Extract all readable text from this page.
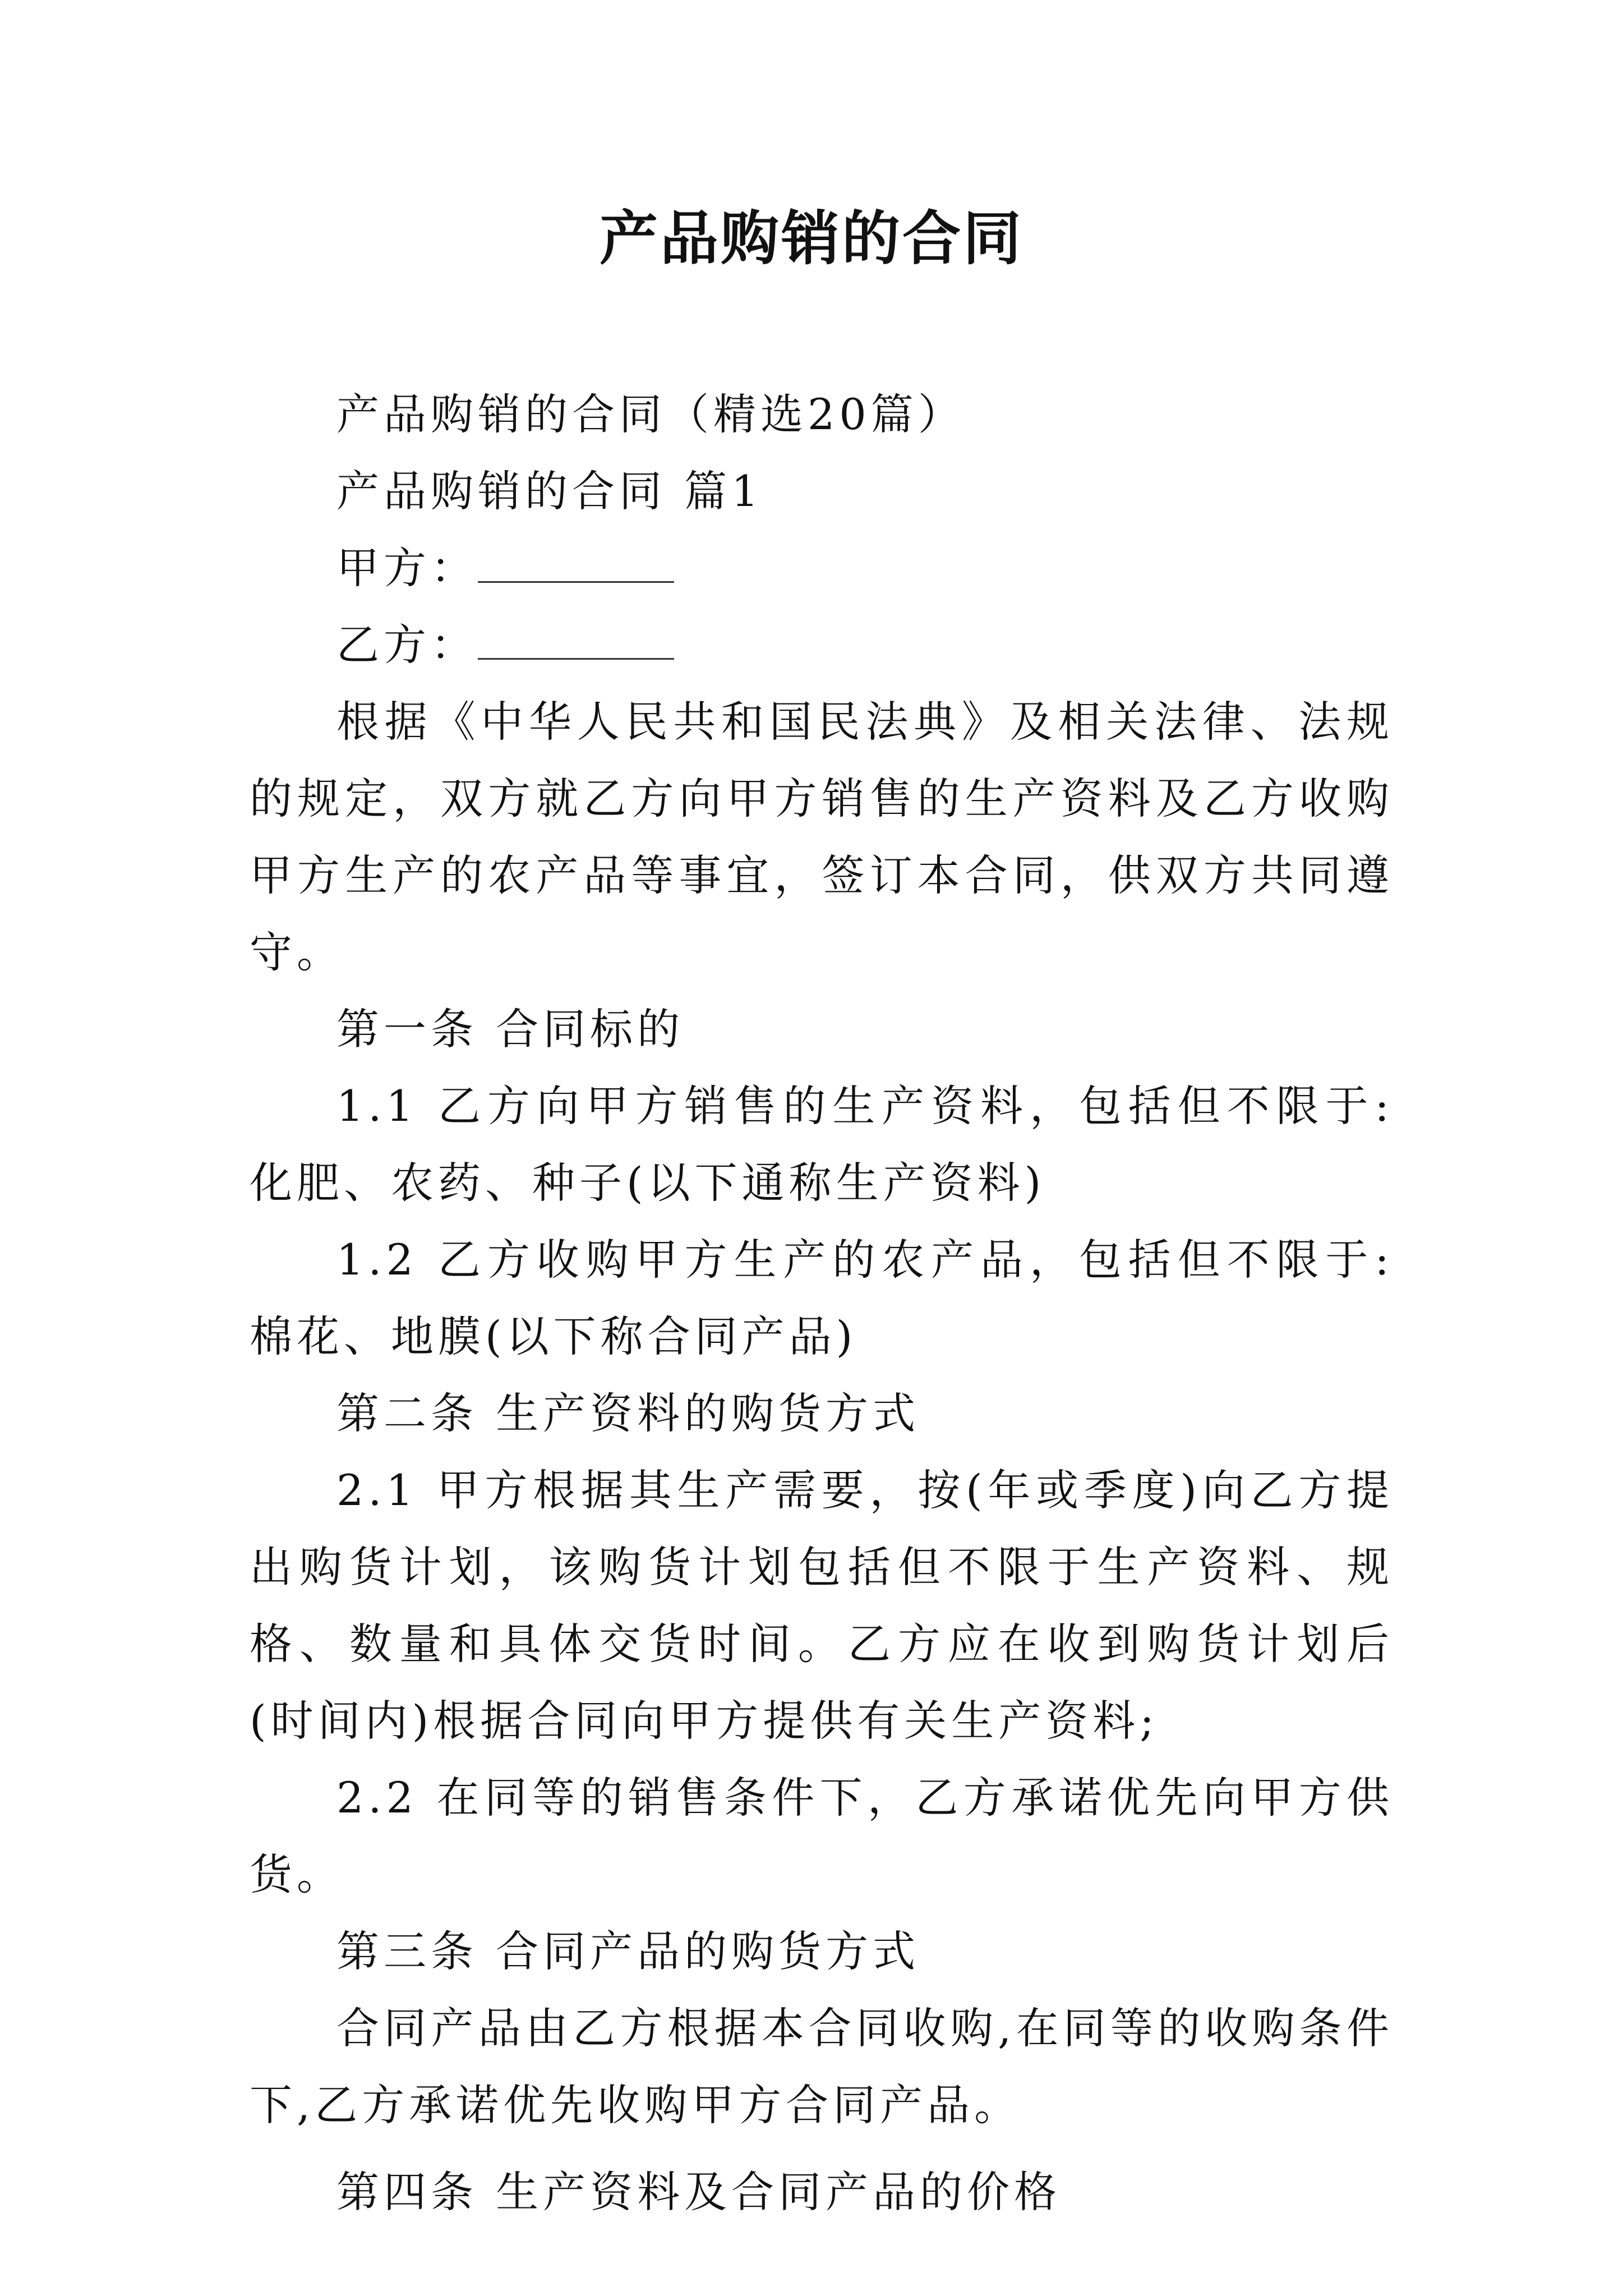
产品购销的合同

产品购销的合同（精选20篇）

产品购销的合同 篇1

甲方：

乙方：

根据《中华人民共和国民法典》及相关法律、法规的规定，双方就乙方向甲方销售的生产资料及乙方收购甲方生产的农产品等事宜，签订本合同，供双方共同遵守。

第一条 合同标的

1.1 乙方向甲方销售的生产资料，包括但不限于:化肥、农药、种子(以下通称生产资料)

1.2 乙方收购甲方生产的农产品，包括但不限于:棉花、地膜(以下称合同产品)

第二条 生产资料的购货方式

2.1 甲方根据其生产需要，按(年或季度)向乙方提出购货计划，该购货计划包括但不限于生产资料、规格、数量和具体交货时间。乙方应在收到购货计划后(时间内)根据合同向甲方提供有关生产资料;

2.2 在同等的销售条件下，乙方承诺优先向甲方供货。

第三条 合同产品的购货方式

合同产品由乙方根据本合同收购,在同等的收购条件下,乙方承诺优先收购甲方合同产品。

第四条 生产资料及合同产品的价格
